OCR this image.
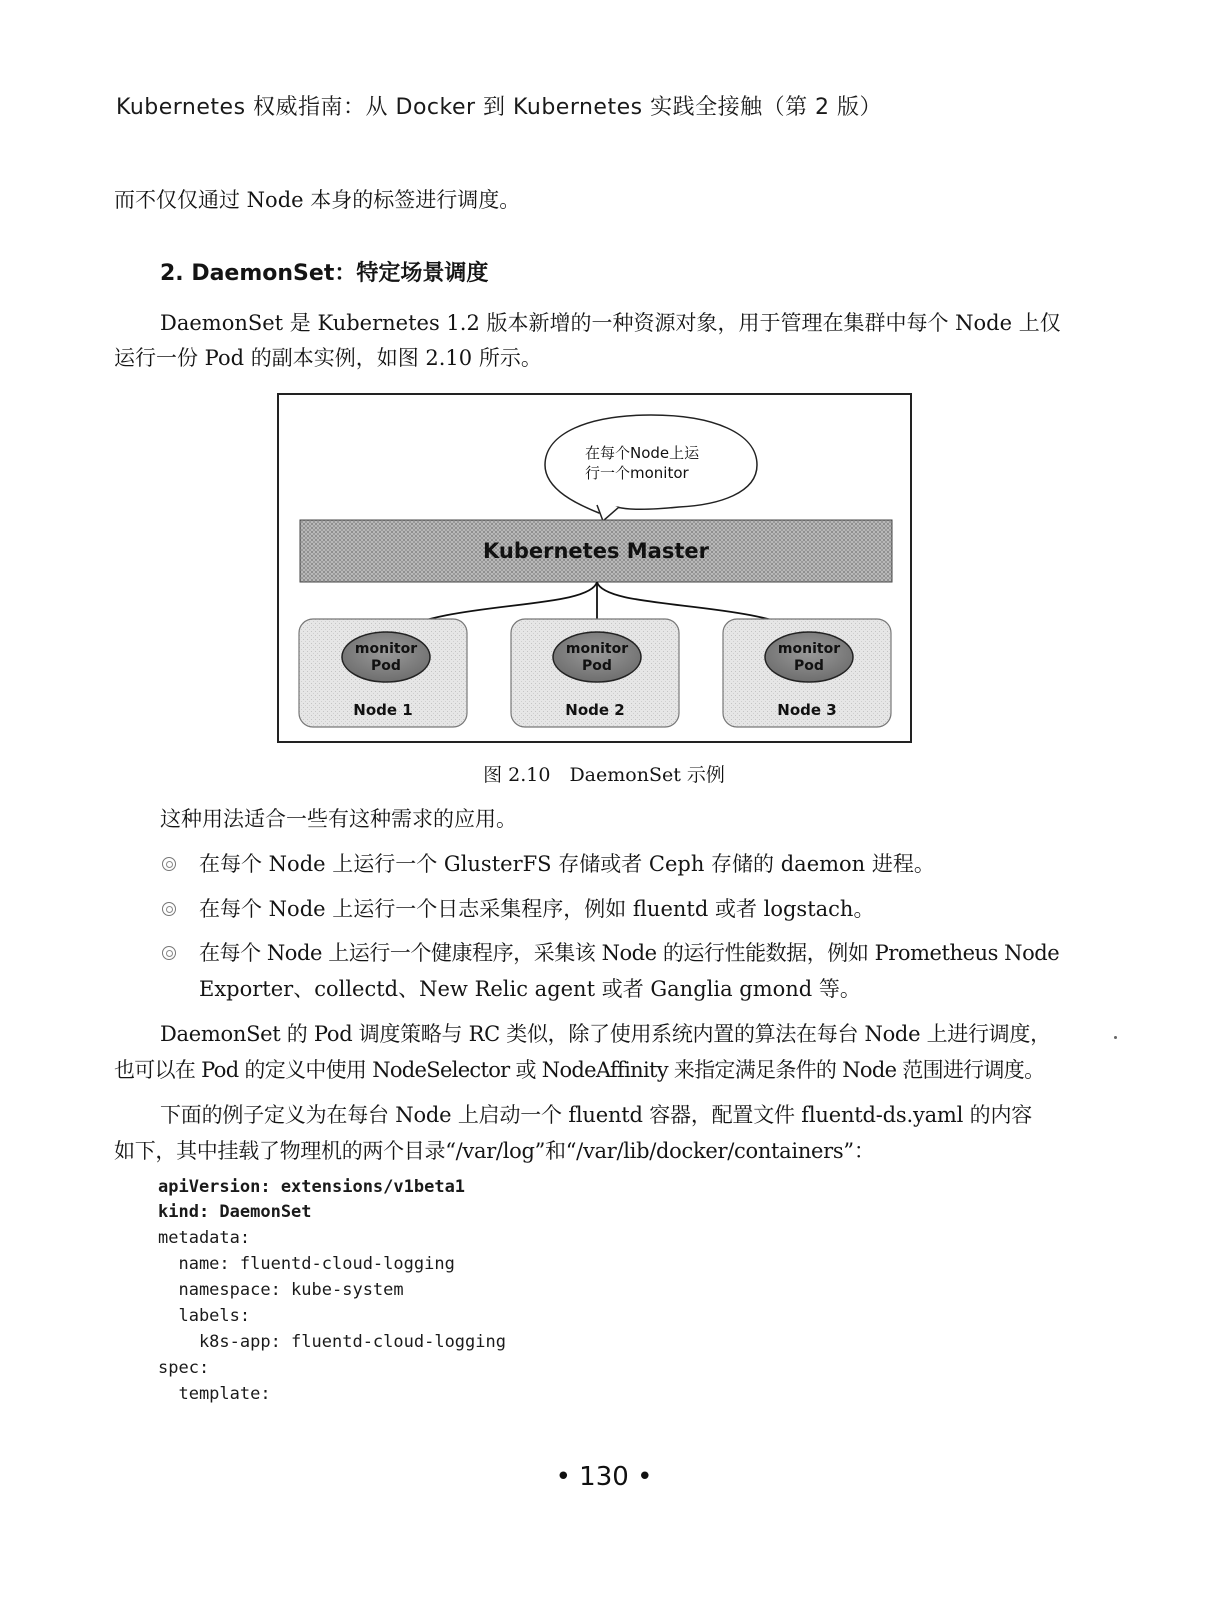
Kubernetes 权威指南：从 Docker 到 Kubernetes 实践全接触（第 2 版）
而不仅仅通过 Node 本身的标签进行调度。
2. DaemonSet：特定场景调度
DaemonSet 是 Kubernetes 1.2 版本新增的一种资源对象，用于管理在集群中每个 Node 上仅
运行一份 Pod 的副本实例，如图 2.10 所示。
在每个Node上运
行一个monitor
Kubernetes Master
monitor
Pod
Node 1
monitor
Pod
Node 2
monitor
Pod
Node 3
图 2.10　DaemonSet 示例
这种用法适合一些有这种需求的应用。
在每个 Node 上运行一个 GlusterFS 存储或者 Ceph 存储的 daemon 进程。
在每个 Node 上运行一个日志采集程序，例如 fluentd 或者 logstach。
在每个 Node 上运行一个健康程序，采集该 Node 的运行性能数据，例如 Prometheus Node
Exporter、collectd、New Relic agent 或者 Ganglia gmond 等。
DaemonSet 的 Pod 调度策略与 RC 类似，除了使用系统内置的算法在每台 Node 上进行调度，
也可以在 Pod 的定义中使用 NodeSelector 或 NodeAffinity 来指定满足条件的 Node 范围进行调度。
下面的例子定义为在每台 Node 上启动一个 fluentd 容器，配置文件 fluentd-ds.yaml 的内容
如下，其中挂载了物理机的两个目录“/var/log”和“/var/lib/docker/containers”：
apiVersion: extensions/v1beta1
kind: DaemonSet
metadata:
name: fluentd-cloud-logging
namespace: kube-system
labels:
k8s-app: fluentd-cloud-logging
spec:
template:
• 130 •
